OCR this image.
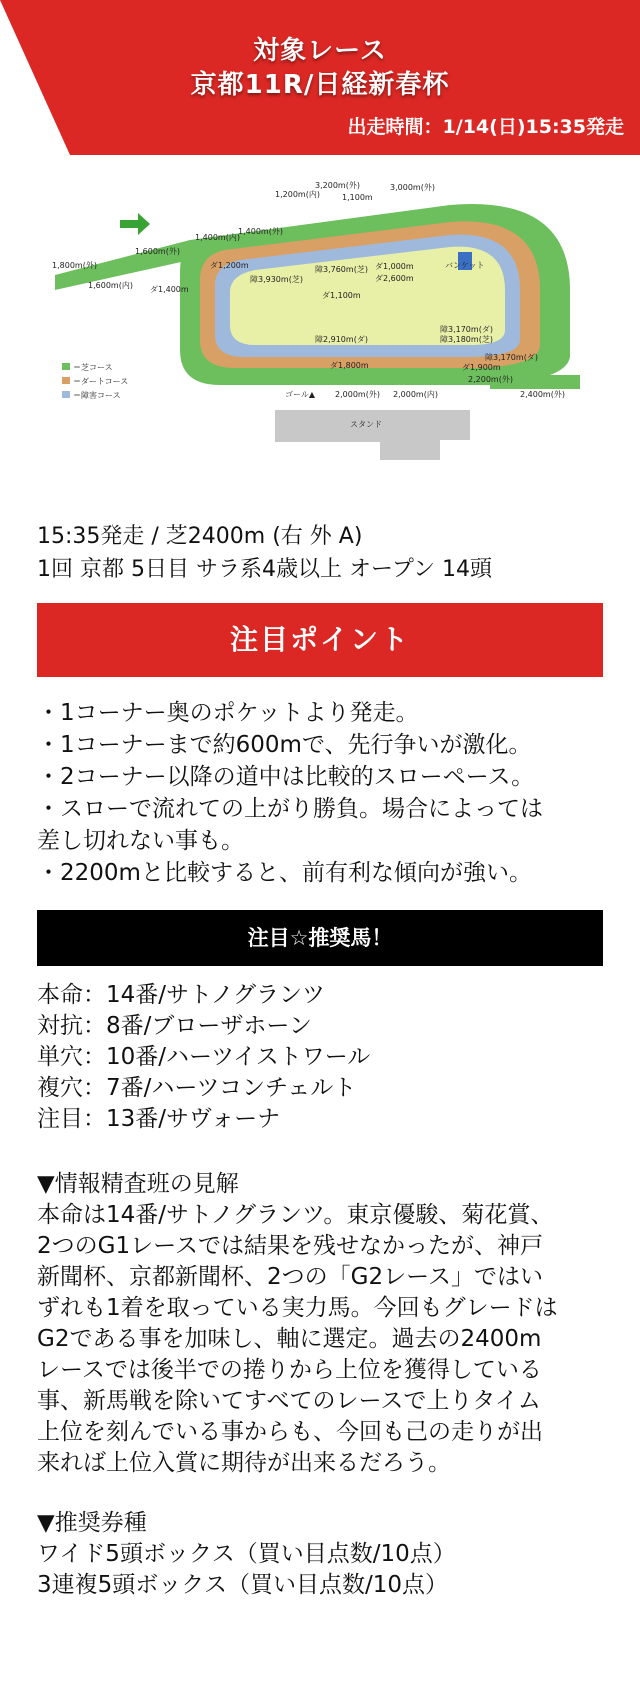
対象レース
京都11R/日経新春杯
出走時間：1/14(日)15:35発走
1,800m(外)
1,600m(外)
1,400m(内)
1,400m(外)
1,200m(内)
3,200m(外)
1,100m
3,000m(外)
1,600m(内) ダ1,400m
ダ1,200m
障3,930m(芝)
障3,760m(芝) ダ1,000m
ダ2,600m
バンケット
ダ1,100m
障2,910m(ダ)
障3,170m(ダ)
障3,180m(芝)
障3,170m(ダ)
ダ1,800m	ダ1,900m
2,200m(外)
ゴール▲	2,000m(外) 2,000m(内)	2,400m(外)
スタンド
＝芝コース
＝ダートコース
＝障害コース
15:35発走 / 芝2400m (右 外 A)
1回 京都 5日目 サラ系4歳以上 オープン 14頭
注目ポイント
・1コーナー奥のポケットより発走。
・1コーナーまで約600mで、先行争いが激化。
・2コーナー以降の道中は比較的スローペース。
・スローで流れての上がり勝負。場合によっては
差し切れない事も。
・2200mと比較すると、前有利な傾向が強い。
注目☆推奨馬！
本命：14番/サトノグランツ
対抗：8番/ブローザホーン
単穴：10番/ハーツイストワール
複穴：7番/ハーツコンチェルト
注目：13番/サヴォーナ

▼情報精査班の見解

本命は14番/サトノグランツ。東京優駿、菊花賞、

2つのG1レースでは結果を残せなかったが、神戸

新聞杯、京都新聞杯、2つの「G2レース」ではい

ずれも1着を取っている実力馬。今回もグレードは

G2である事を加味し、軸に選定。過去の2400m

レースでは後半での捲りから上位を獲得している

事、新馬戦を除いてすべてのレースで上りタイム

上位を刻んでいる事からも、今回も己の走りが出

来れば上位入賞に期待が出来るだろう。

▼推奨券種
ワイド5頭ボックス（買い目点数/10点）
3連複5頭ボックス（買い目点数/10点）
